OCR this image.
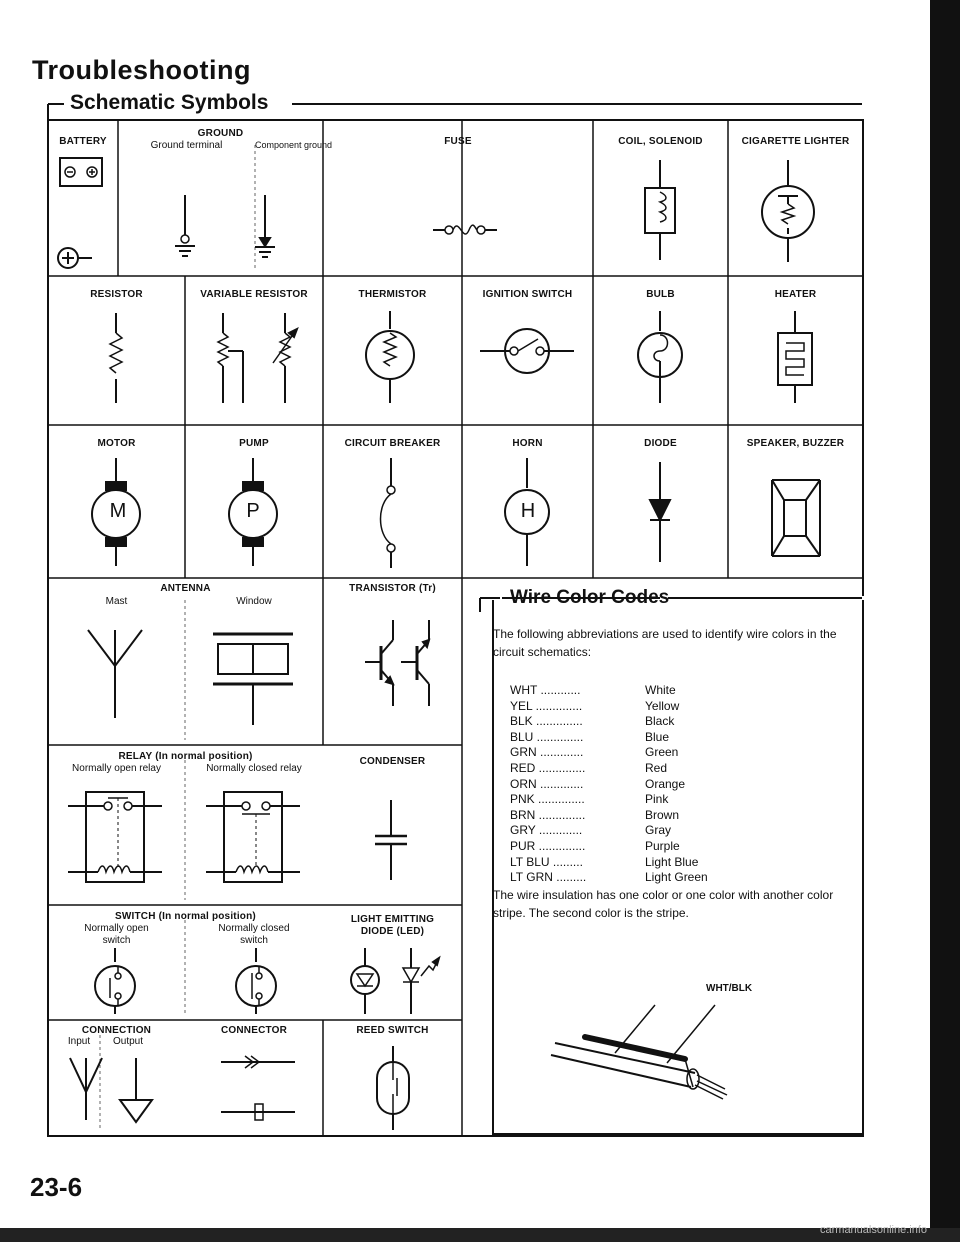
Troubleshooting
Schematic Symbols
BATTERY
GROUND
Ground terminal	Component ground	FUSE	COIL, SOLENOID	CIGARETTE LIGHTER
RESISTOR	VARIABLE RESISTOR	THERMISTOR	IGNITION SWITCH	BULB	HEATER
MOTOR	PUMP	CIRCUIT BREAKER	HORN	DIODE	SPEAKER, BUZZER
M	P	H
ANTENNA
Mast	Window
TRANSISTOR (Tr)
RELAY (In normal position)
Normally open relay	Normally closed relay
CONDENSER
SWITCH (In normal position)
Normally open
switch
Normally closed
switch
LIGHT EMITTING
DIODE (LED)
CONNECTION
Input	Output
CONNECTOR	REED SWITCH
Wire Color Codes
The following abbreviations are used to identify wire colors in the circuit schematics:
WHT ............	White
YEL ..............	Yellow
BLK ..............	Black
BLU ..............	Blue
GRN .............	Green
RED ..............	Red
ORN .............	Orange
PNK ..............	Pink
BRN ..............	Brown
GRY .............	Gray
PUR ..............	Purple
LT BLU .........	Light Blue
LT GRN .........	Light Green
The wire insulation has one color or one color with another color stripe. The second color is the stripe.
WHT/BLK
23-6
carmanualsonline.info
